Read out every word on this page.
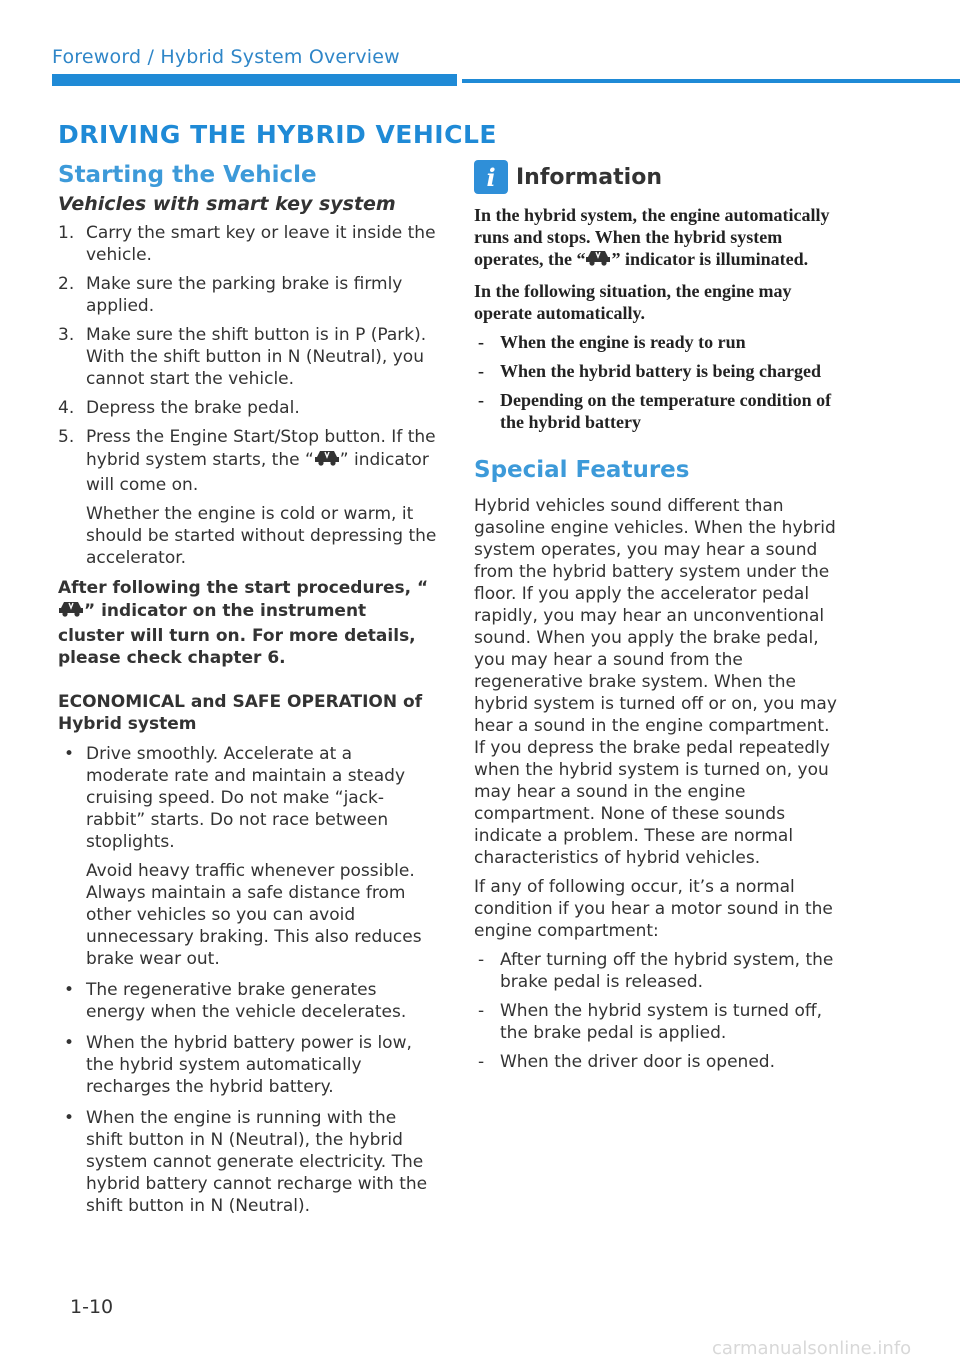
Foreword / Hybrid System Overview
DRIVING THE HYBRID VEHICLE
Starting the Vehicle
Vehicles with smart key system
1. Carry the smart key or leave it inside the vehicle.
2. Make sure the parking brake is firmly applied.
3. Make sure the shift button is in P (Park). With the shift button in N (Neutral), you cannot start the vehicle.
4. Depress the brake pedal.
5. Press the Engine Start/Stop button. If the hybrid system starts, the “ ” indicator will come on.
Whether the engine is cold or warm, it should be started without depressing the accelerator.
After following the start procedures, “” indicator on the instrument cluster will turn on. For more details, please check chapter 6.
ECONOMICAL and SAFE OPERATION of Hybrid system
• Drive smoothly. Accelerate at a moderate rate and maintain a steady cruising speed. Do not make “jack-rabbit” starts. Do not race between stoplights.
Avoid heavy traffic whenever possible. Always maintain a safe distance from other vehicles so you can avoid unnecessary braking. This also reduces brake wear out.
• The regenerative brake generates energy when the vehicle decelerates.
• When the hybrid battery power is low, the hybrid system automatically recharges the hybrid battery.
• When the engine is running with the shift button in N (Neutral), the hybrid system cannot generate electricity. The hybrid battery cannot recharge with the shift button in N (Neutral).
i Information

In the hybrid system, the engine automatically runs and stops. When the hybrid system operates, the “ ” indicator is illuminated.

In the following situation, the engine may operate automatically.

- When the engine is ready to run
- When the hybrid battery is being charged
- Depending on the temperature condition of the hybrid battery
Special Features

Hybrid vehicles sound different than gasoline engine vehicles. When the hybrid system operates, you may hear a sound from the hybrid battery system under the floor. If you apply the accelerator pedal rapidly, you may hear an unconventional sound. When you apply the brake pedal, you may hear a sound from the regenerative brake system. When the hybrid system is turned off or on, you may hear a sound in the engine compartment. If you depress the brake pedal repeatedly when the hybrid system is turned on, you may hear a sound in the engine compartment. None of these sounds indicate a problem. These are normal characteristics of hybrid vehicles.

If any of following occur, it’s a normal condition if you hear a motor sound in the engine compartment:

- After turning off the hybrid system, the brake pedal is released.
- When the hybrid system is turned off, the brake pedal is applied.
- When the driver door is opened.
1-10
carmanualsonline.info
